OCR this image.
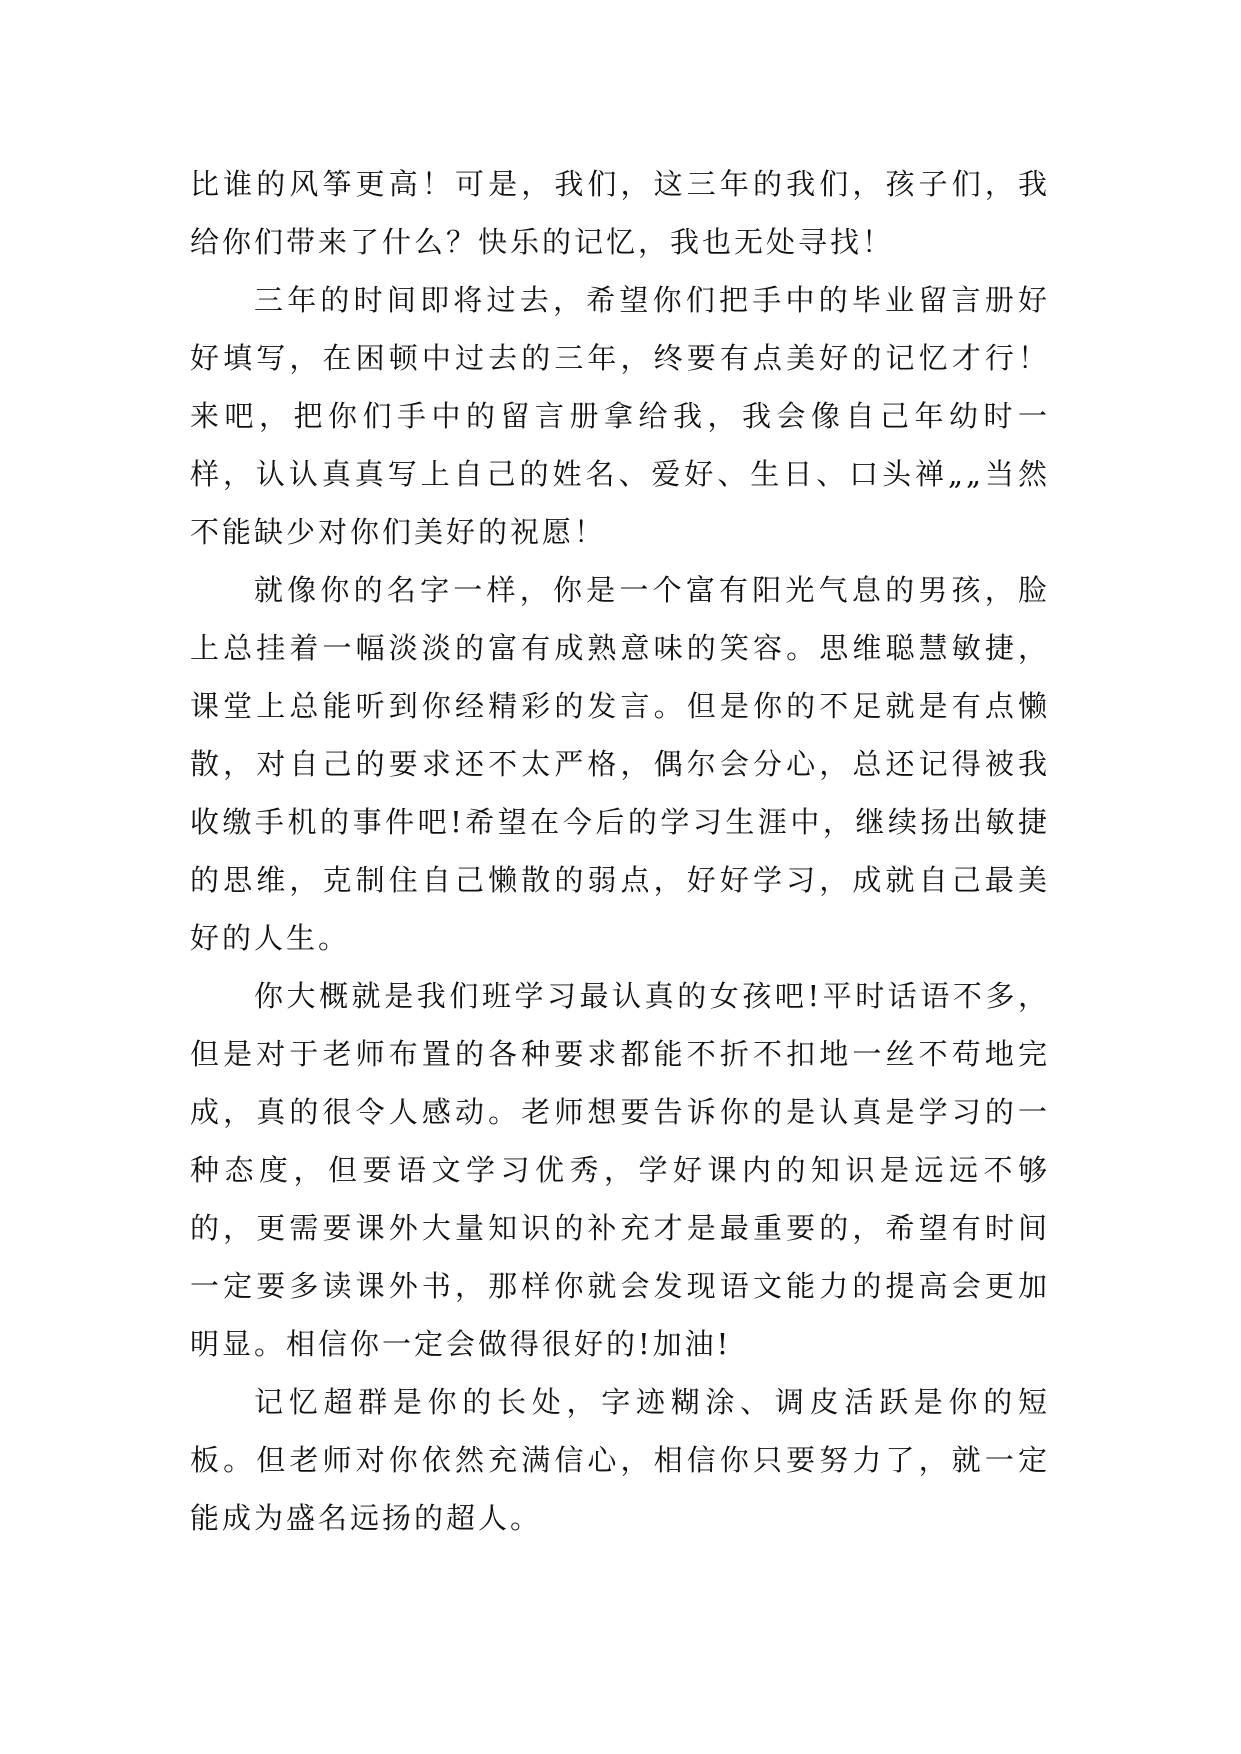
比谁的风筝更高！可是，我们，这三年的我们，孩子们，我给你们带来了什么？快乐的记忆，我也无处寻找！

三年的时间即将过去，希望你们把手中的毕业留言册好好填写，在困顿中过去的三年，终要有点美好的记忆才行！来吧，把你们手中的留言册拿给我，我会像自己年幼时一样，认认真真写上自己的姓名、爱好、生日、口头禅„„当然不能缺少对你们美好的祝愿！

就像你的名字一样，你是一个富有阳光气息的男孩，脸上总挂着一幅淡淡的富有成熟意味的笑容。思维聪慧敏捷，课堂上总能听到你经精彩的发言。但是你的不足就是有点懒散，对自己的要求还不太严格，偶尔会分心，总还记得被我收缴手机的事件吧!希望在今后的学习生涯中，继续扬出敏捷的思维，克制住自己懒散的弱点，好好学习，成就自己最美好的人生。

你大概就是我们班学习最认真的女孩吧!平时话语不多，但是对于老师布置的各种要求都能不折不扣地一丝不苟地完成，真的很令人感动。老师想要告诉你的是认真是学习的一种态度，但要语文学习优秀，学好课内的知识是远远不够的，更需要课外大量知识的补充才是最重要的，希望有时间一定要多读课外书，那样你就会发现语文能力的提高会更加明显。相信你一定会做得很好的!加油!

记忆超群是你的长处，字迹糊涂、调皮活跃是你的短板。但老师对你依然充满信心，相信你只要努力了，就一定能成为盛名远扬的超人。
